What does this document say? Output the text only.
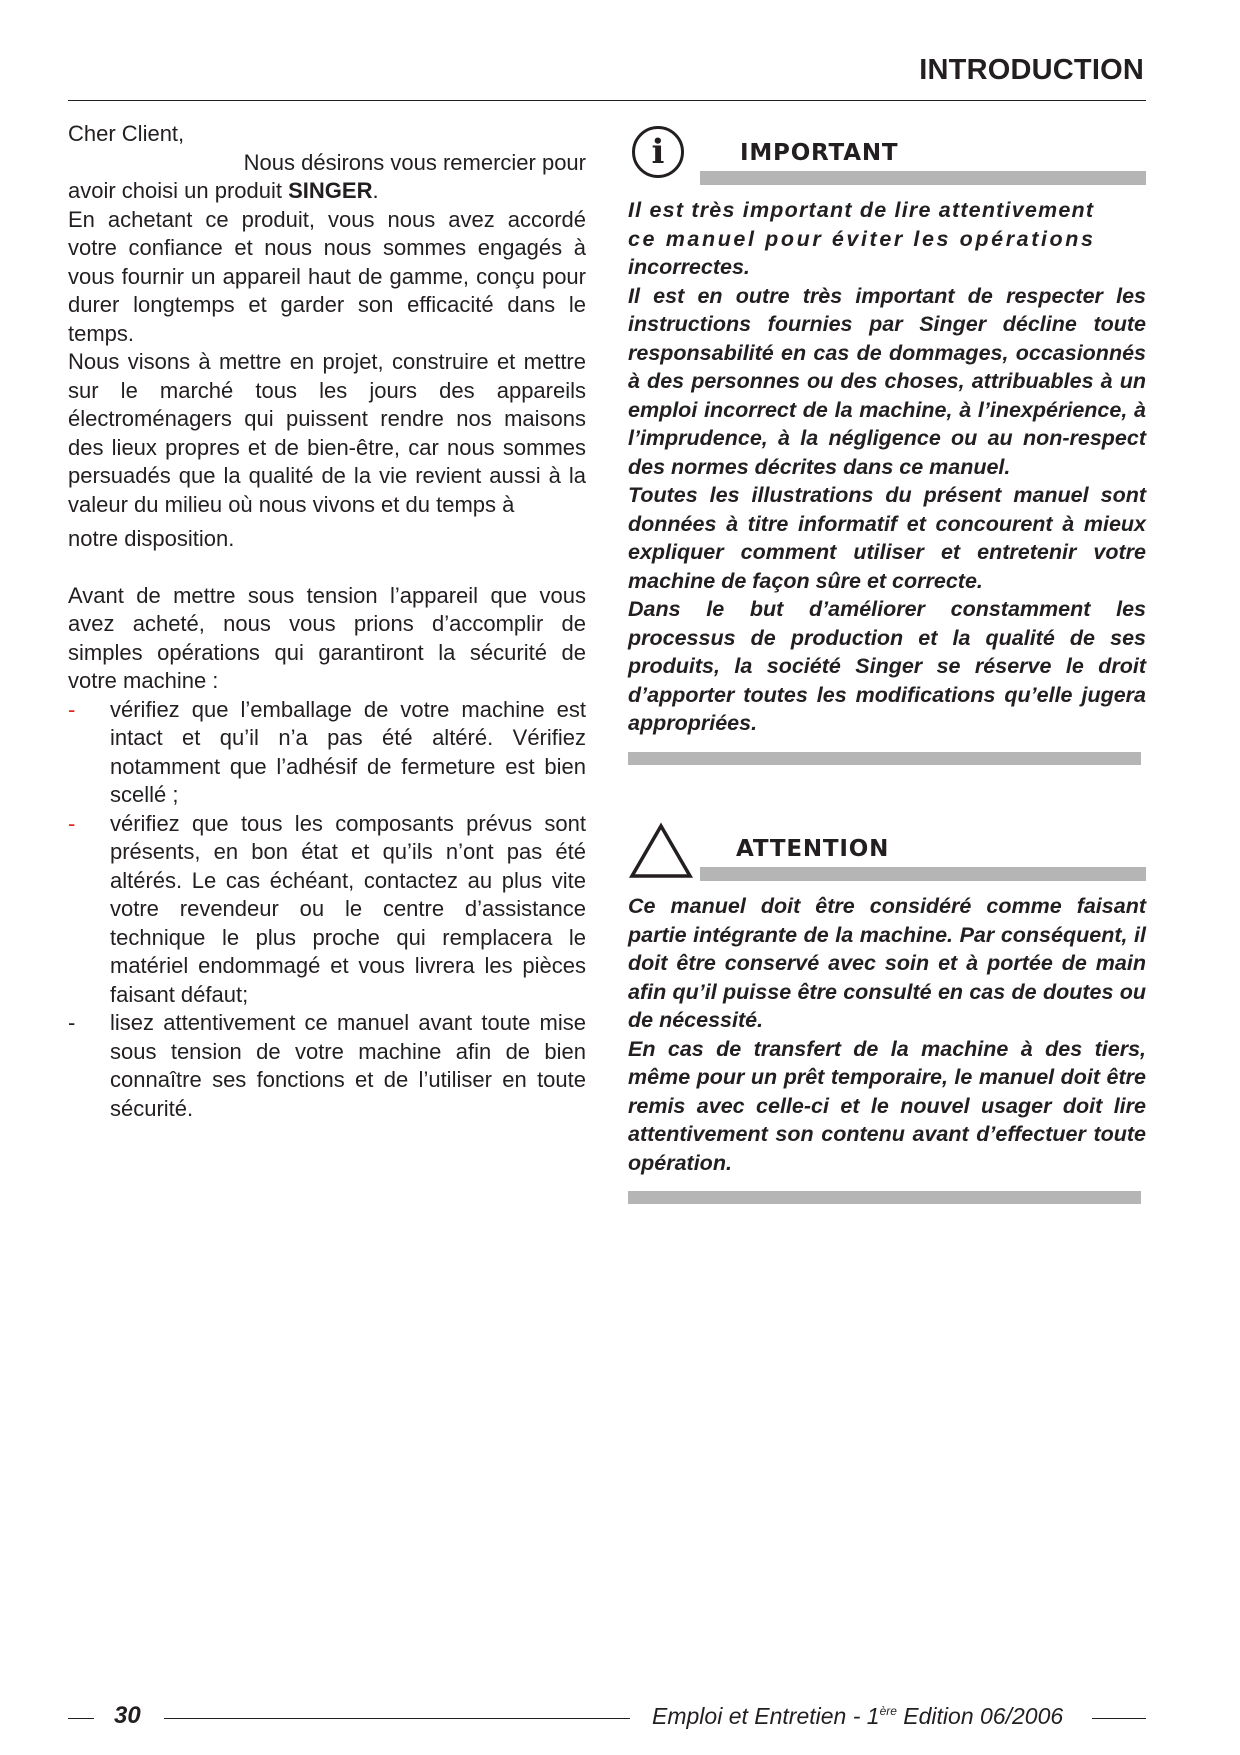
INTRODUCTION

Cher Client,

Nous désirons vous remercier pour

avoir choisi un produit SINGER.

En achetant ce produit, vous nous avez accordé votre confiance et nous nous sommes engagés à vous fournir un appareil haut de gamme, conçu pour durer longtemps et garder son efficacité dans le temps.

Nous visons à mettre en projet, construire et mettre sur le marché tous les jours des appareils électroménagers qui puissent rendre nos maisons des lieux propres et de bien-être, car nous sommes persuadés que la qualité de la vie revient aussi à la valeur du milieu où nous vivons et du temps à

notre disposition.

Avant de mettre sous tension l’appareil que vous avez acheté, nous vous prions d’accomplir de simples opérations qui garantiront la sécurité de votre machine :

-	vérifiez que l’emballage de votre machine est intact et qu’il n’a pas été altéré. Vérifiez notamment que l’adhésif de fermeture est bien scellé ;
-	vérifiez que tous les composants prévus sont présents, en bon état et qu’ils n’ont pas été altérés. Le cas échéant, contactez au plus vite votre revendeur ou le centre d’assistance technique le plus proche qui remplacera le matériel endommagé et vous livrera les pièces faisant défaut;
-	lisez attentivement ce manuel avant toute mise sous tension de votre machine afin de bien connaître ses fonctions et de l’utiliser en toute sécurité.
i	IMPORTANT

Il est très important de lire attentivement

ce manuel pour éviter les opérations

incorrectes.

Il est en outre très important de respecter les instructions fournies par Singer décline toute responsabilité en cas de dommages, occasionnés à des personnes ou des choses, attribuables à un emploi incorrect de la machine, à l’inexpérience, à l’imprudence, à la négligence ou au non-respect des normes décrites dans ce manuel.

Toutes les illustrations du présent manuel sont données à titre informatif et concourent à mieux expliquer comment utiliser et entretenir votre machine de façon sûre et correcte.

Dans le but d’améliorer constamment les processus de production et la qualité de ses produits, la société Singer se réserve le droit d’apporter toutes les modifications qu’elle jugera appropriées.

ATTENTION

Ce manuel doit être considéré comme faisant partie intégrante de la machine. Par conséquent, il doit être conservé avec soin et à portée de main afin qu’il puisse être consulté en cas de doutes ou de nécessité.

En cas de transfert de la machine à des tiers, même pour un prêt temporaire, le manuel doit être remis avec celle-ci et le nouvel usager doit lire attentivement son contenu avant d’effectuer toute opération.

30	Emploi et Entretien - 1ère Edition 06/2006
